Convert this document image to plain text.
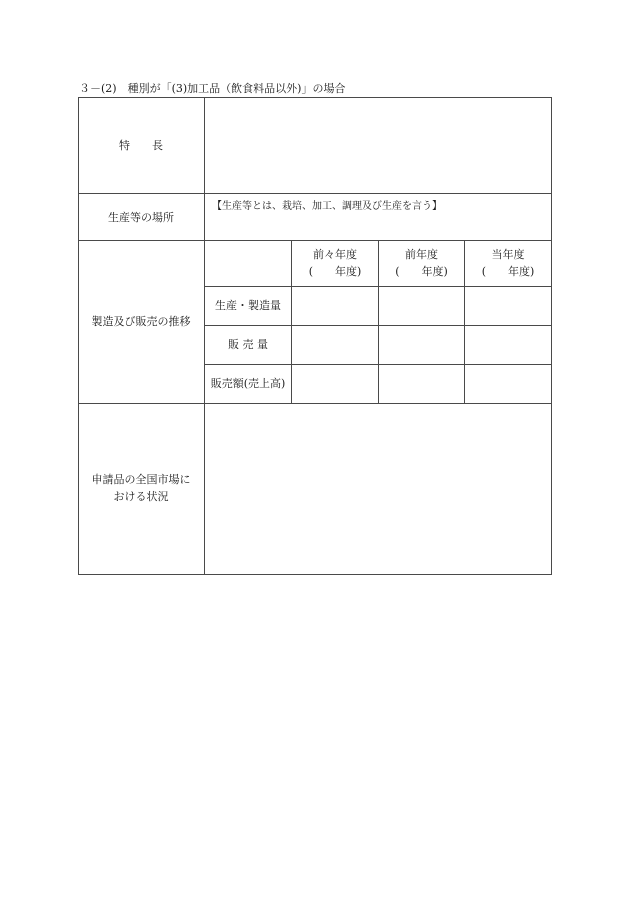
３－(2)　種別が「(3)加工品（飲食料品以外)」の場合
特　　長
生産等の場所
【生産等とは、栽培、加工、調理及び生産を言う】
製造及び販売の推移
前々年度
(　　年度)
前年度
(　　年度)
当年度
(　　年度)
生産・製造量
販 売 量
販売額(売上高)
申請品の全国市場に
おける状況
